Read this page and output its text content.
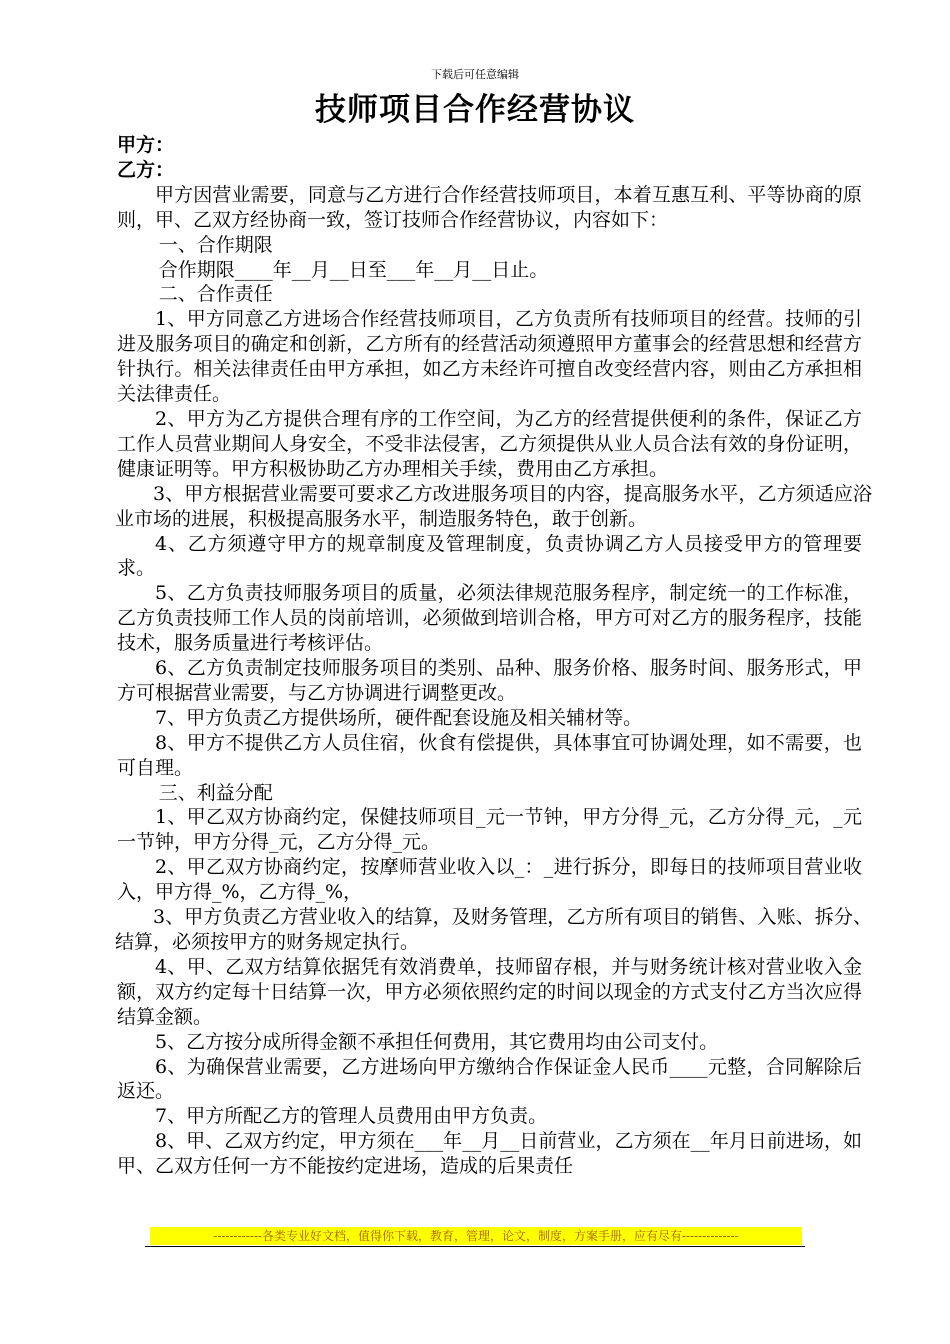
下载后可任意编辑
技师项目合作经营协议

甲方：

乙方：

甲方因营业需要，同意与乙方进行合作经营技师项目，本着互惠互利、平等协商的原则，甲、乙双方经协商一致，签订技师合作经营协议，内容如下：

一、合作期限

合作期限____年__月__日至___年__月__日止。

二、合作责任

1、甲方同意乙方进场合作经营技师项目，乙方负责所有技师项目的经营。技师的引进及服务项目的确定和创新，乙方所有的经营活动须遵照甲方董事会的经营思想和经营方针执行。相关法律责任由甲方承担，如乙方未经许可擅自改变经营内容，则由乙方承担相关法律责任。

2、甲方为乙方提供合理有序的工作空间，为乙方的经营提供便利的条件，保证乙方工作人员营业期间人身安全，不受非法侵害，乙方须提供从业人员合法有效的身份证明，健康证明等。甲方积极协助乙方办理相关手续，费用由乙方承担。

3、甲方根据营业需要可要求乙方改进服务项目的内容，提高服务水平，乙方须适应浴业市场的进展，积极提高服务水平，制造服务特色，敢于创新。

4、乙方须遵守甲方的规章制度及管理制度，负责协调乙方人员接受甲方的管理要求。

5、乙方负责技师服务项目的质量，必须法律规范服务程序，制定统一的工作标准，乙方负责技师工作人员的岗前培训，必须做到培训合格，甲方可对乙方的服务程序，技能技术，服务质量进行考核评估。

6、乙方负责制定技师服务项目的类别、品种、服务价格、服务时间、服务形式，甲方可根据营业需要，与乙方协调进行调整更改。

7、甲方负责乙方提供场所，硬件配套设施及相关辅材等。

8、甲方不提供乙方人员住宿，伙食有偿提供，具体事宜可协调处理，如不需要，也可自理。

三、利益分配

1、甲乙双方协商约定，保健技师项目_元一节钟，甲方分得_元，乙方分得_元，_元一节钟，甲方分得_元，乙方分得_元。

2、甲乙双方协商约定，按摩师营业收入以_：_进行拆分，即每日的技师项目营业收入，甲方得_%，乙方得_%，

3、甲方负责乙方营业收入的结算，及财务管理，乙方所有项目的销售、入账、拆分、结算，必须按甲方的财务规定执行。

4、甲、乙双方结算依据凭有效消费单，技师留存根，并与财务统计核对营业收入金额，双方约定每十日结算一次，甲方必须依照约定的时间以现金的方式支付乙方当次应得结算金额。

5、乙方按分成所得金额不承担任何费用，其它费用均由公司支付。

6、为确保营业需要，乙方进场向甲方缴纳合作保证金人民币____元整，合同解除后返还。

7、甲方所配乙方的管理人员费用由甲方负责。

8、甲、乙双方约定，甲方须在___年__月__日前营业，乙方须在__年月日前进场，如甲、乙双方任何一方不能按约定进场，造成的后果责任

------------各类专业好文档，值得你下载，教育，管理，论文，制度，方案手册，应有尽有--------------
